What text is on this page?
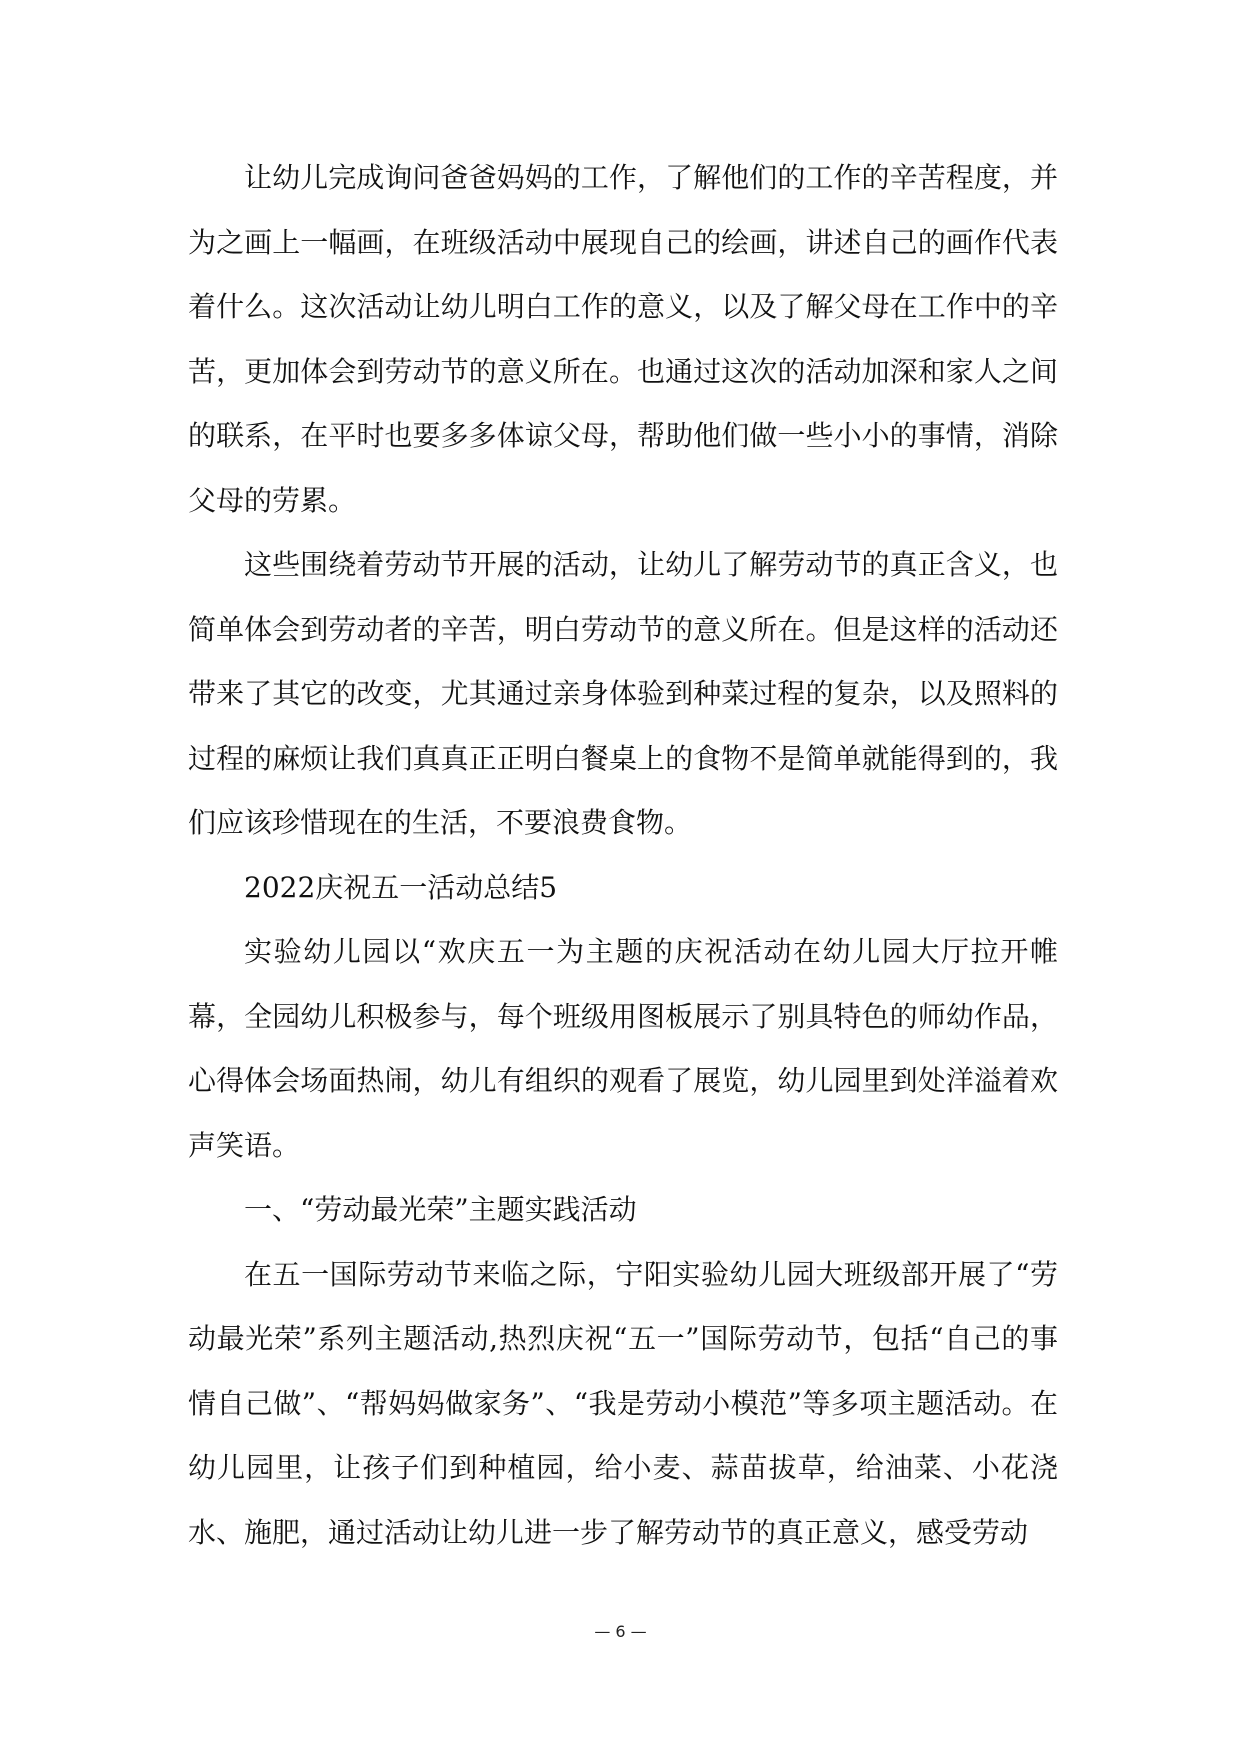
让幼儿完成询问爸爸妈妈的工作，了解他们的工作的辛苦程度，并为之画上一幅画，在班级活动中展现自己的绘画，讲述自己的画作代表着什么。这次活动让幼儿明白工作的意义，以及了解父母在工作中的辛苦，更加体会到劳动节的意义所在。也通过这次的活动加深和家人之间的联系，在平时也要多多体谅父母，帮助他们做一些小小的事情，消除父母的劳累。

这些围绕着劳动节开展的活动，让幼儿了解劳动节的真正含义，也简单体会到劳动者的辛苦，明白劳动节的意义所在。但是这样的活动还带来了其它的改变，尤其通过亲身体验到种菜过程的复杂，以及照料的过程的麻烦让我们真真正正明白餐桌上的食物不是简单就能得到的，我们应该珍惜现在的生活，不要浪费食物。

2022庆祝五一活动总结5

实验幼儿园以“欢庆五一为主题的庆祝活动在幼儿园大厅拉开帷幕，全园幼儿积极参与，每个班级用图板展示了别具特色的师幼作品，心得体会场面热闹，幼儿有组织的观看了展览，幼儿园里到处洋溢着欢声笑语。

一、“劳动最光荣”主题实践活动

在五一国际劳动节来临之际，宁阳实验幼儿园大班级部开展了“劳动最光荣”系列主题活动,热烈庆祝“五一”国际劳动节，包括“自己的事情自己做”、“帮妈妈做家务”、“我是劳动小模范”等多项主题活动。在幼儿园里，让孩子们到种植园，给小麦、蒜苗拔草，给油菜、小花浇水、施肥，通过活动让幼儿进一步了解劳动节的真正意义，感受劳动

— 6 —
